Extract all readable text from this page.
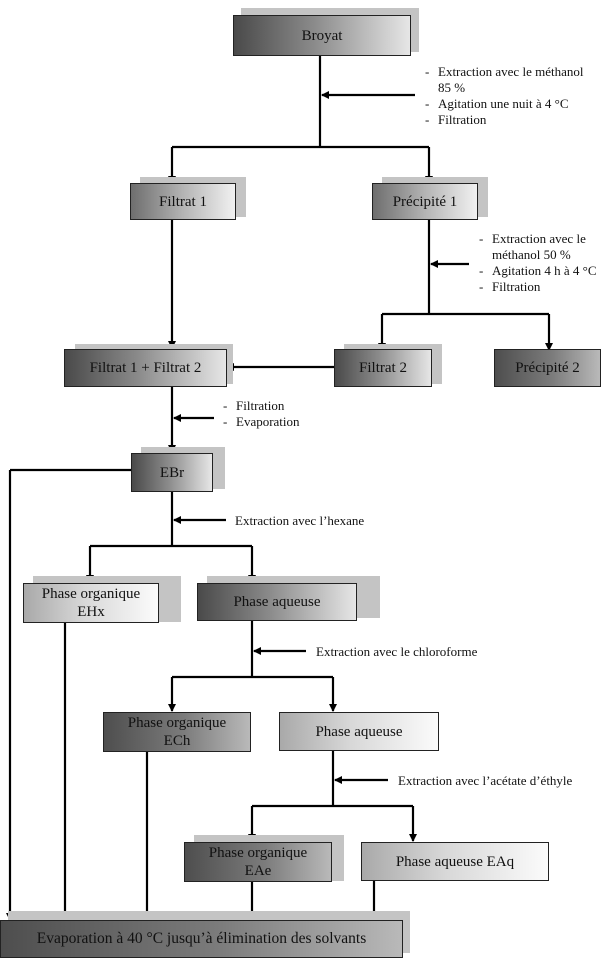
Broyat
Filtrat 1	Précipité 1
Filtrat 1 + Filtrat 2	Filtrat 2	Précipité 2
EBr
Phase organique
EHx
Phase aqueuse
Phase organique
ECh
Phase aqueuse
Phase organique
EAe
Phase aqueuse EAq
Evaporation à 40 °C jusqu’à élimination des solvants
- Extraction avec le méthanol
85 %
- Agitation une nuit à 4 °C
- Filtration
- Extraction avec le
méthanol 50 %
- Agitation 4 h à 4 °C
- Filtration
- Filtration
- Evaporation
Extraction avec l’hexane
Extraction avec le chloroforme
Extraction avec l’acétate d’éthyle
